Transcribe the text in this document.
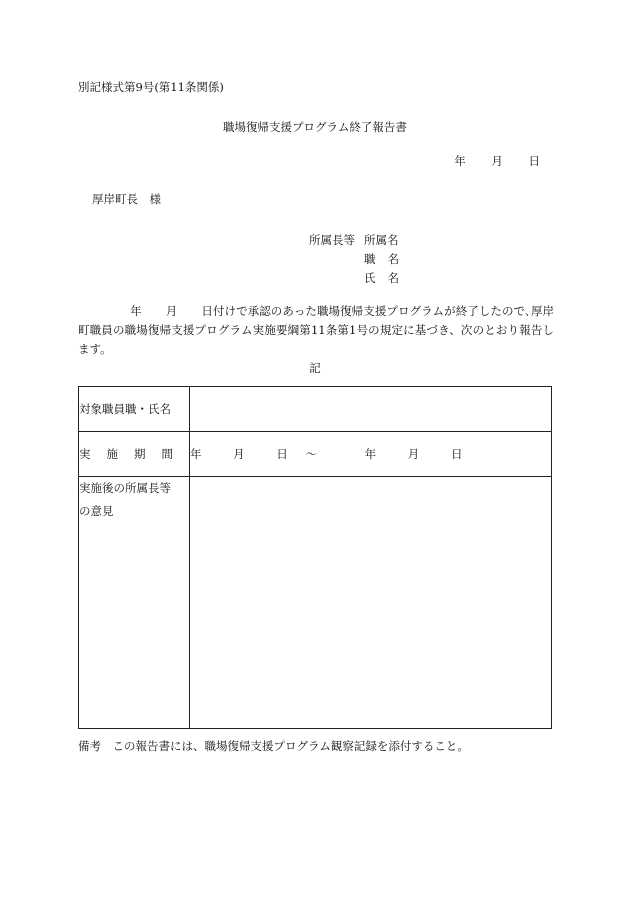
別記様式第9号(第11条関係)
職場復帰支援プログラム終了報告書
年 月 日
厚岸町長　様
所属長等 所属名
職名
氏名
年 月 日付けで承認のあった職場復帰支援プログラムが終了したので､厚岸町職員の職場復帰支援プログラム実施要綱第11条第1号の規定に基づき、次のとおり報告します。
記
対象職員職・氏名	
実施期間	年 月 日 ～ 年 月 日

実施後の所属長等
の意見	

備考　この報告書には、職場復帰支援プログラム観察記録を添付すること。
